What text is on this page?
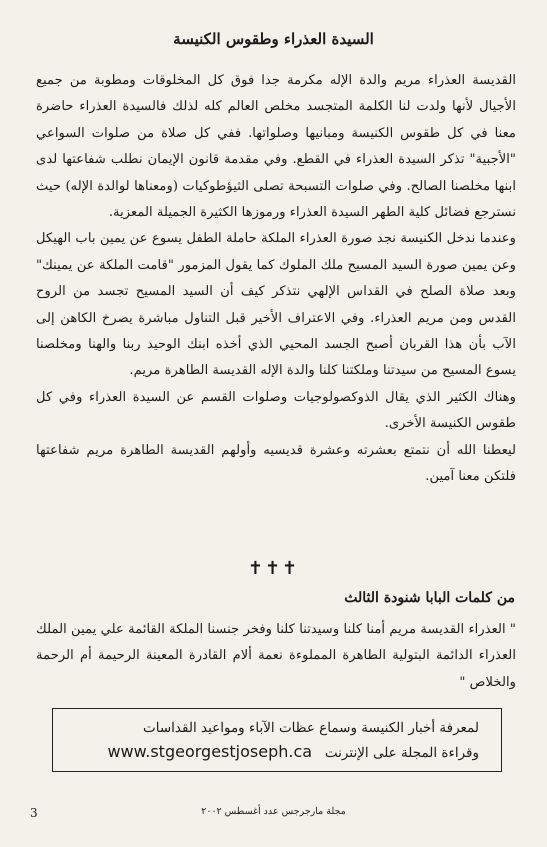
السيدة العذراء وطقوس الكنيسة

القديسة العذراء مريم والدة الإله مكرمة جدا فوق كل المخلوقات ومطوبة من جميع الأجيال لأنها ولدت لنا الكلمة المتجسد مخلص العالم كله لذلك فالسيدة العذراء حاضرة معنا في كل طقوس الكنيسة ومبانيها وصلواتها. ففي كل صلاة من صلوات السواعي "الأجبية" تذكر السيدة العذراء في القطع. وفي مقدمة قانون الإيمان نطلب شفاعتها لدى ابنها مخلصنا الصالح. وفي صلوات التسبحة تصلى الثيؤطوكيات (ومعناها لوالدة الإله) حيث نسترجع فضائل كلية الطهر السيدة العذراء ورموزها الكثيرة الجميلة المعزية.

وعندما ندخل الكنيسة نجد صورة العذراء الملكة حاملة الطفل يسوع عن يمين باب الهيكل وعن يمين صورة السيد المسيح ملك الملوك كما يقول المزمور "قامت الملكة عن يمينك" وبعد صلاة الصلح في القداس الإلهي نتذكر كيف أن السيد المسيح تجسد من الروح القدس ومن مريم العذراء. وفي الاعتراف الأخير قبل التناول مباشرة يصرخ الكاهن إلى الآب بأن هذا القربان أصبح الجسد المحيي الذي أخذه ابنك الوحيد ربنا والهنا ومخلصنا يسوع المسيح من سيدتنا وملكتنا كلنا والدة الإله القديسة الطاهرة مريم.

وهناك الكثير الذي يقال الذوكصولوجيات وصلوات القسم عن السيدة العذراء وفي كل طقوس الكنيسة الأخرى.

ليعطنا الله أن نتمتع بعشرته وعشرة قديسيه وأولهم القديسة الطاهرة مريم شفاعتها فلتكن معنا آمين.

✝✝✝
من كلمات البابا شنودة الثالث

" العذراء القديسة مريم أمنا كلنا وسيدتنا كلنا وفخر جنسنا الملكة القائمة علي يمين الملك العذراء الدائمة البتولية الطاهرة المملوءة نعمة ألام القادرة المعينة الرحيمة أم الرحمة والخلاص "

لمعرفة أخبار الكنيسة وسماع عظات الآباء ومواعيد القداسات
وقراءة المجلة على الإنترنت   www.stgeorgestjoseph.ca
مجلة مارجرجس عدد أغسطس ٢٠٠٢
3
